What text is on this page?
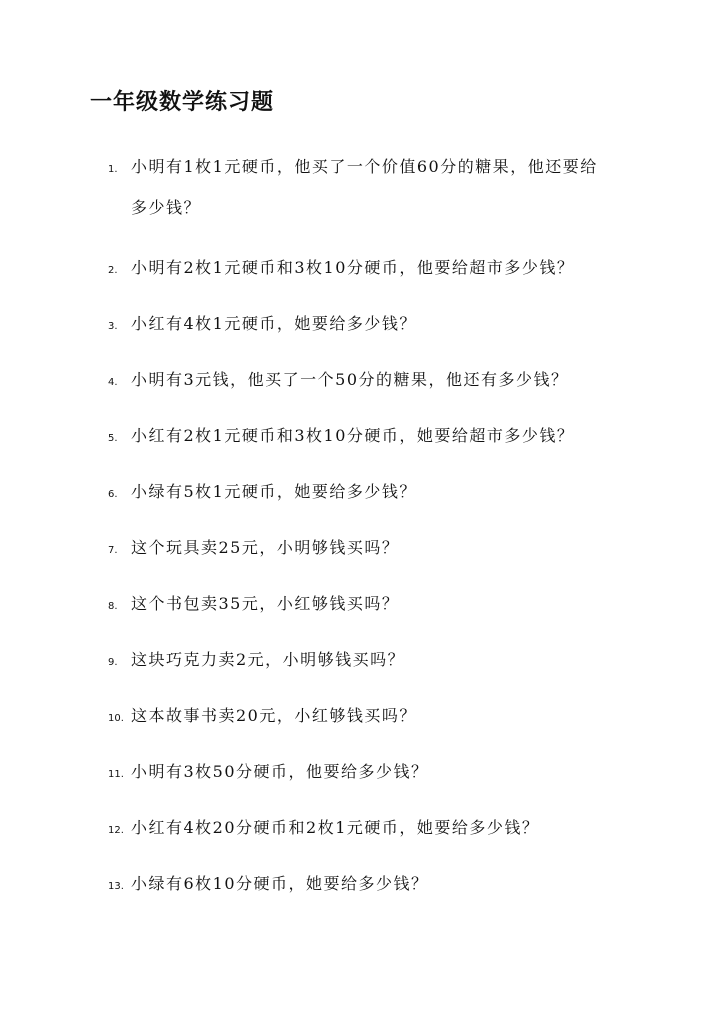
一年级数学练习题
1. 小明有1枚1元硬币，他买了一个价值60分的糖果，他还要给
多少钱？
2. 小明有2枚1元硬币和3枚10分硬币，他要给超市多少钱？
3. 小红有4枚1元硬币，她要给多少钱？
4. 小明有3元钱，他买了一个50分的糖果，他还有多少钱？
5. 小红有2枚1元硬币和3枚10分硬币，她要给超市多少钱？
6. 小绿有5枚1元硬币，她要给多少钱？
7. 这个玩具卖25元，小明够钱买吗？
8. 这个书包卖35元，小红够钱买吗？
9. 这块巧克力卖2元，小明够钱买吗？
10. 这本故事书卖20元，小红够钱买吗？
11. 小明有3枚50分硬币，他要给多少钱？
12. 小红有4枚20分硬币和2枚1元硬币，她要给多少钱？
13. 小绿有6枚10分硬币，她要给多少钱？
